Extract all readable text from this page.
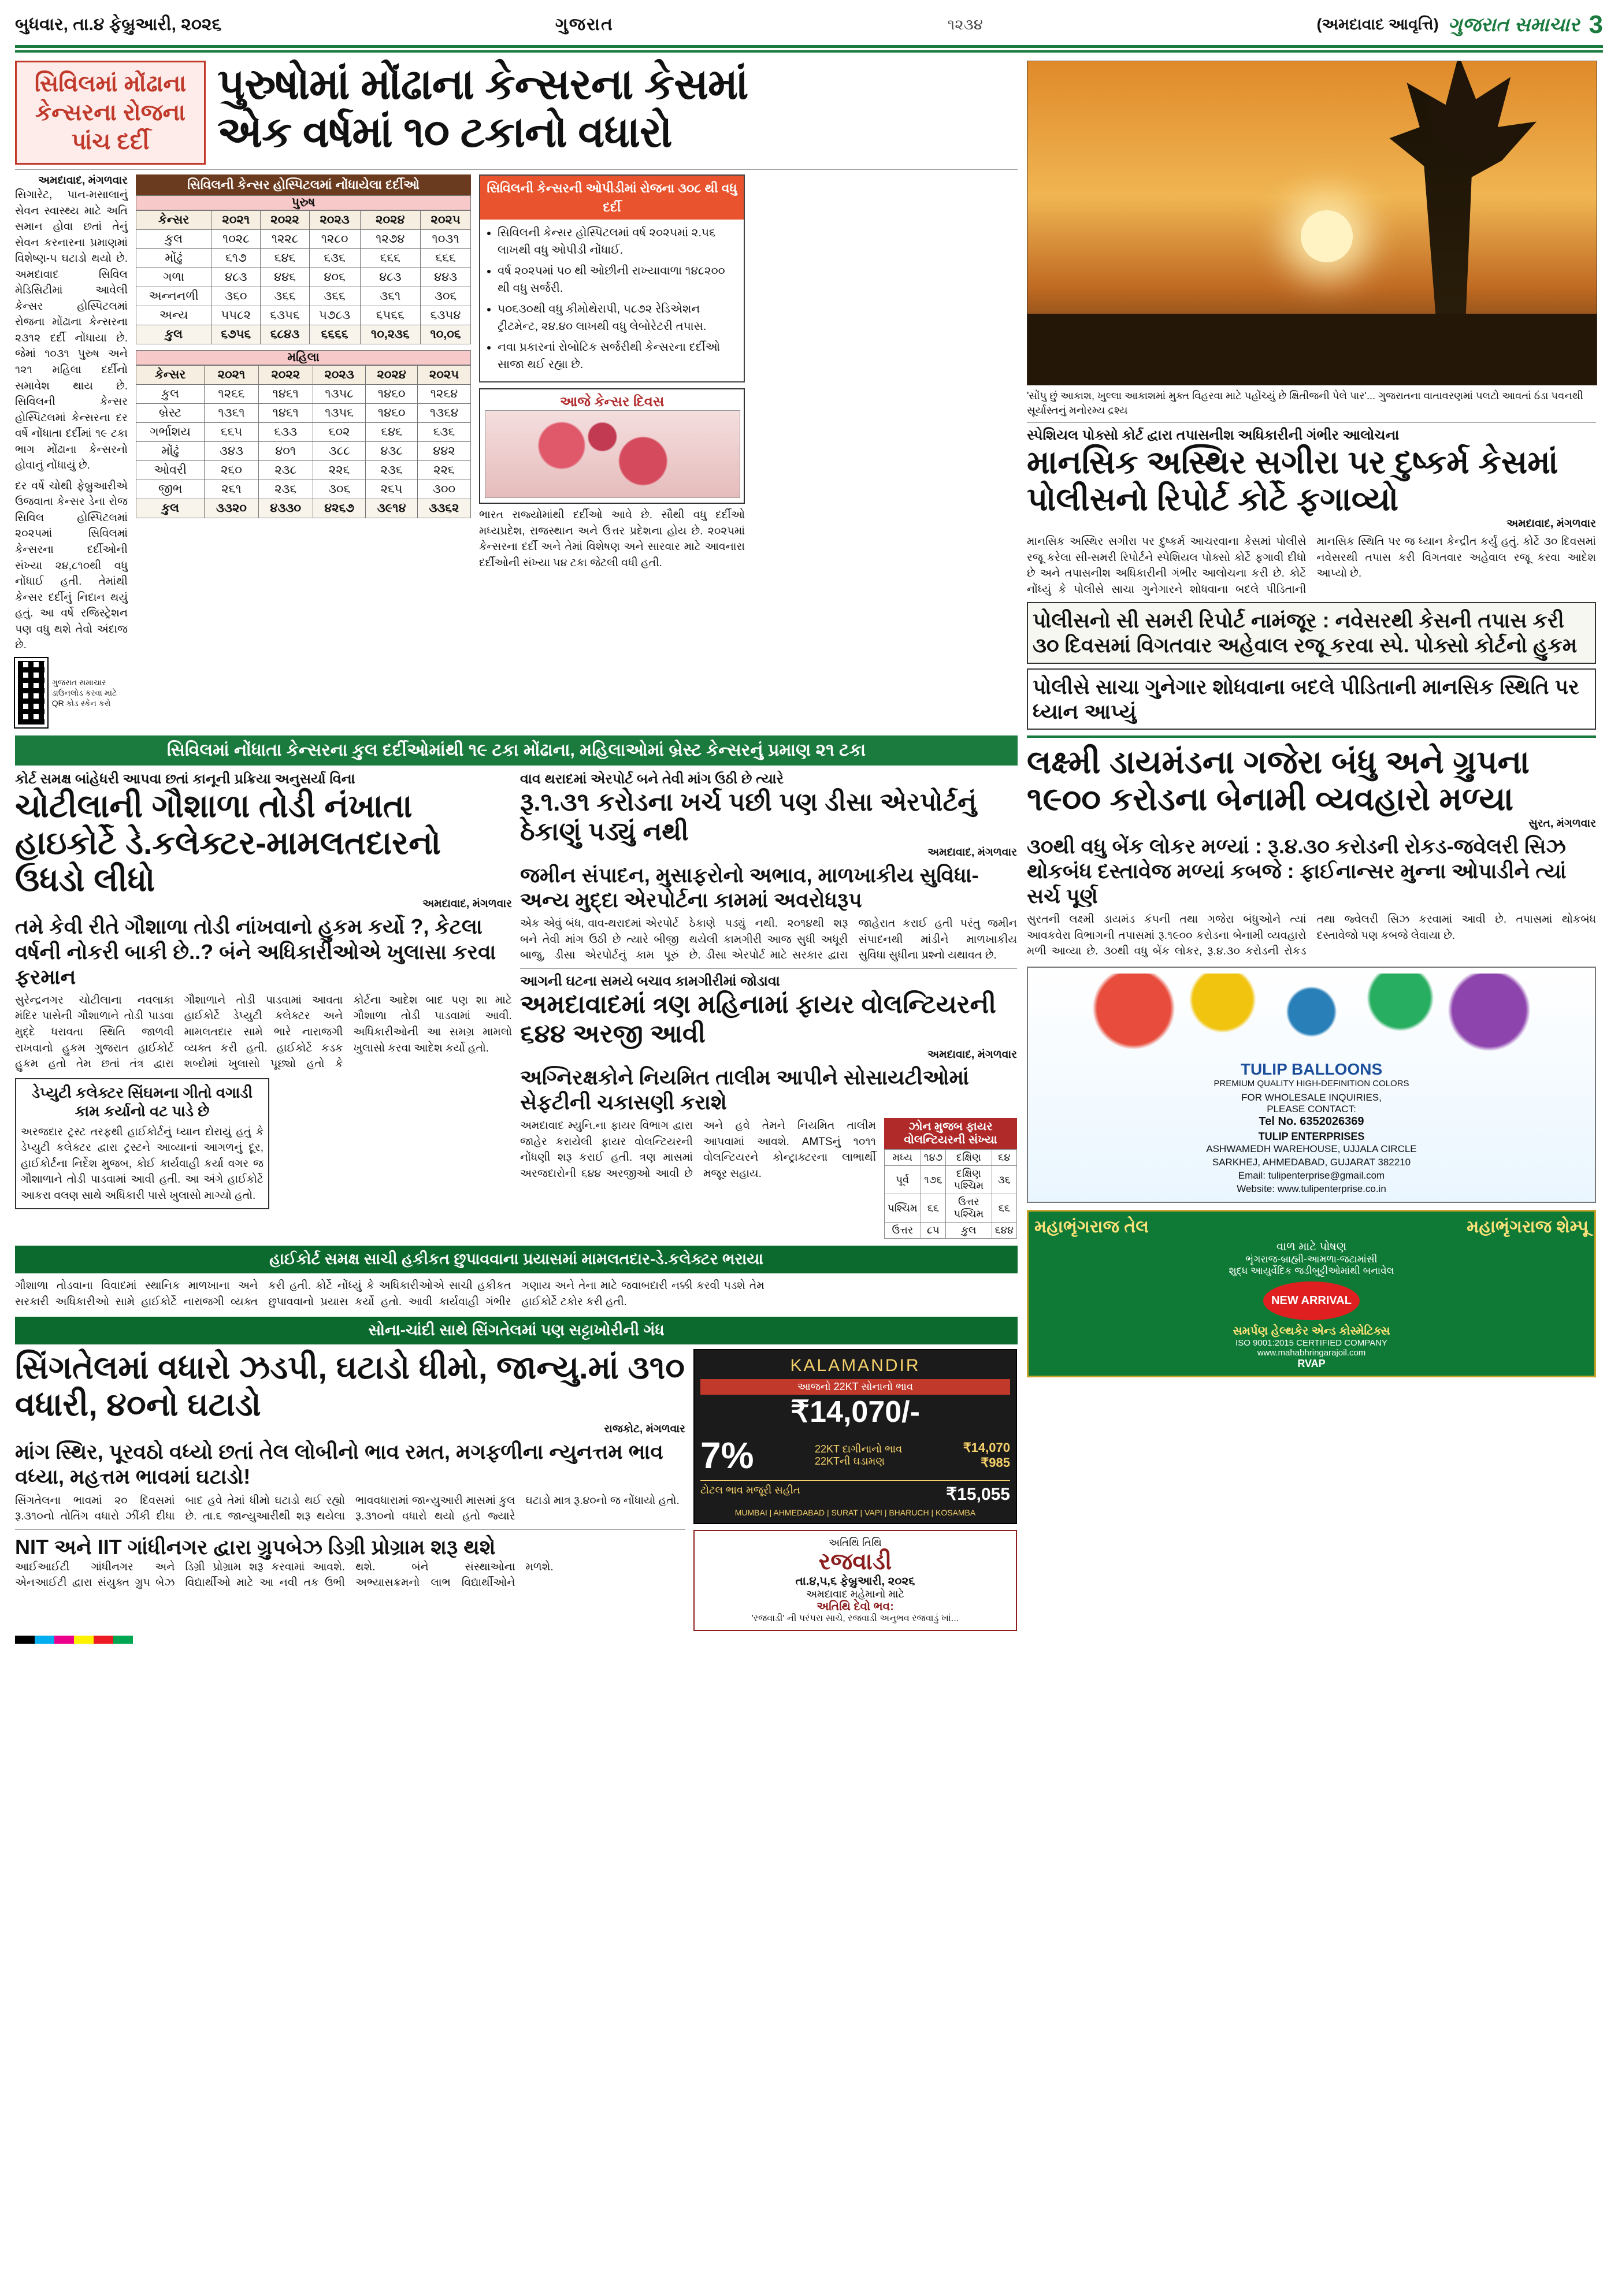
બુધવાર, તા.૪ ફેબ્રુઆરી, ૨૦૨૬	ગુજરાત	૧૨૩૪	(અમદાવાદ આવૃત્તિ) ગુજરાત સમાચાર 3
સિવિલમાં મોંઢાના કેન્સરના રોજના પાંચ દર્દી
પુરુષોમાં મોંઢાના કેન્સરના કેસમાં
એક વર્ષમાં ૧૦ ટકાનો વધારો
અમદાવાદ, મંગળવાર
સિગારેટ, પાન-મસાલાનું સેવન સ્વાસ્થ્ય માટે અતિ સમાન હોવા છતાં તેનું સેવન કરનારના પ્રમાણમાં વિશેષ્ણ-૫ ઘટાડો થયો છે. અમદાવાદ સિવિલ મેડિસિટીમાં આવેલી કેન્સર હોસ્પિટલમાં રોજના મોંઢાના કેન્સરના ૨૩૧૨ દર્દી નોંધાયા છે. જેમાં ૧૦૩૧ પુરુષ અને ૧૨૧ મહિલા દર્દીનો સમાવેશ થાય છે. સિવિલની કેન્સર હોસ્પિટલમાં કેન્સરના દર વર્ષે નોંધાતા દર્દીમાં ૧૯ ટકા ભાગ મોંઢાના કેન્સરનો હોવાનું નોંધાયું છે.
દર વર્ષે ચોથી ફેબ્રુઆરીએ ઉજવાતા કેન્સર ડેના રોજ સિવિલ હોસ્પિટલમાં ૨૦૨૫માં સિવિલમાં કેન્સરના દર્દીઓની સંખ્યા ૨૪,૮૧૦થી વધુ નોંધાઈ હતી. તેમાંથી કેન્સર દર્દીનું નિદાન થયું હતું. આ વર્ષે રજિસ્ટ્રેશન પણ વધુ થશે તેવો અંદાજ છે.
ગુજરાત સમાચાર ડાઉનલોડ કરવા માટે QR કોડ સ્કેન કરો
સિવિલની કેન્સર હોસ્પિટલમાં નોંધાયેલા દર્દીઓ
પુરુષ
કેન્સર	૨૦૨૧	૨૦૨૨	૨૦૨૩	૨૦૨૪	૨૦૨૫
કુલ	૧૦૨૮	૧૨૨૮	૧૨૮૦	૧૨૭૪	૧૦૩૧
મોંઢું	૬૧૭	૬૪૬	૬૩૬	૬૬૬	૬૬૬
ગળા	૪૮૩	૪૪૬	૪૦૬	૪૮૩	૪૪૩
અન્નનળી	૩૬૦	૩૬૬	૩૬૬	૩૬૧	૩૦૬
અન્ય	૫૫૮૨	૬૩૫૬	૫૭૮૩	૬૫૬૬	૬૩૫૪
કુલ	૬૭૫૬	૬૮૪૩	૬૬૬૬	૧૦,૨૩૬	૧૦,૦૬
મહિલા
કેન્સર	૨૦૨૧	૨૦૨૨	૨૦૨૩	૨૦૨૪	૨૦૨૫
કુલ	૧૨૬૬	૧૪૬૧	૧૩૫૮	૧૪૬૦	૧૨૬૪
બ્રેસ્ટ	૧૩૬૧	૧૪૬૧	૧૩૫૬	૧૪૬૦	૧૩૬૪
ગર્ભાશય	૬૬૫	૬૩૩	૬૦૨	૬૪૬	૬૩૬
મોંઢું	૩૪૩	૪૦૧	૩૮૮	૪૩૮	૪૪૨
ઓવરી	૨૬૦	૨૩૮	૨૨૬	૨૩૬	૨૨૬
જીભ	૨૬૧	૨૩૬	૩૦૬	૨૬૫	૩૦૦
કુલ	૩૩૨૦	૪૩૩૦	૪૨૬૭	૩૯૧૪	૩૩૬૨
સિવિલની કેન્સરની ઓપીડીમાં રોજના ૩૦૮ થી વધુ દર્દી
• સિવિલની કેન્સર હોસ્પિટલમાં વર્ષ ૨૦૨૫માં ૨.૫૬ લાખથી વધુ ઓપીડી નોંધાઈ.
• વર્ષ ૨૦૨૫માં ૫૦ થી ઓછીની રાખ્યાવાળા ૧૪૮૨૦૦ થી વધુ સર્જરી.
• ૫૦૬૩૦થી વધુ કીમોથેરાપી, ૫૮૭૨ રેડિએશન ટ્રીટમેન્ટ, ૨૪.૪૦ લાખથી વધુ લેબોરેટરી તપાસ.
• નવા પ્રકારનાં રોબોટિક સર્જરીથી કેન્સરના દર્દીઓ સાજા થઈ રહ્યા છે.
આજે કેન્સર દિવસ
ભારત રાજ્યોમાંથી દર્દીઓ આવે છે. સૌથી વધુ દર્દીઓ મધ્યપ્રદેશ, રાજસ્થાન અને ઉત્તર પ્રદેશના હોય છે. ૨૦૨૫માં કેન્સરના દર્દી અને તેમાં વિશેષણ અને સારવાર માટે આવનારા દર્દીઓની સંખ્યા ૫૪ ટકા જેટલી વધી હતી.
સિવિલમાં નોંધાતા કેન્સરના કુલ દર્દીઓમાંથી ૧૯ ટકા મોંઢાના, મહિલાઓમાં બ્રેસ્ટ કેન્સરનું પ્રમાણ ૨૧ ટકા
કોર્ટ સમક્ષ બાંહેધરી આપવા છતાં કાનૂની પ્રક્રિયા અનુસર્યા વિના
ચોટીલાની ગૌશાળા તોડી નંખાતા હાઇકોર્ટે ડે.કલેક્ટર-મામલતદારનો ઉધડો લીધો
અમદાવાદ, મંગળવાર
તમે કેવી રીતે ગૌશાળા તોડી નાંખવાનો હુકમ કર્યો ?, કેટલા વર્ષની નોકરી બાકી છે..? બંને અધિકારીઓએ ખુલાસા કરવા ફરમાન
સુરેન્દ્રનગર ચોટીલાના નવલાકા મંદિર પાસેની ગૌશાળાને તોડી પાડવા મુદ્દે ધરાવતા સ્થિતિ જાળવી રાખવાનો હુકમ ગુજરાત હાઈકોર્ટ હુકમ હતો તેમ છતાં તંત્ર દ્વારા ગૌશાળાને તોડી પાડવામાં આવતા હાઈકોર્ટે ડેપ્યુટી કલેક્ટર અને મામલતદાર સામે ભારે નારાજગી વ્યક્ત કરી હતી. હાઈકોર્ટે કડક શબ્દોમાં ખુલાસો પૂછ્યો હતો કે કોર્ટના આદેશ બાદ પણ શા માટે ગૌશાળા તોડી પાડવામાં આવી. અધિકારીઓની આ સમગ્ર મામલો ખુલાસો કરવા આદેશ કર્યો હતો.
ડેપ્યુટી કલેક્ટર સિંઘમના ગીતો વગાડી કામ કર્યાનો વટ પાડે છે
અરજદાર ટ્રસ્ટ તરફથી હાઈકોર્ટનું ધ્યાન દોરાયું હતું કે ડેપ્યુટી કલેક્ટર દ્વારા ટ્રસ્ટને આવ્યાનાં આગળનું દૂર, હાઈકોર્ટના નિર્દેશ મુજબ, કોઈ કાર્યવાહી કર્યા વગર જ ગૌશાળાને તોડી પાડવામાં આવી હતી. આ અંગે હાઈકોર્ટે આકરા વલણ સાથે અધિકારી પાસે ખુલાસો માગ્યો હતો.
વાવ થરાદમાં એરપોર્ટ બને તેવી માંગ ઉઠી છે ત્યારે
રૂ.૧.૩૧ કરોડના ખર્ચ પછી પણ ડીસા એરપોર્ટનું ઠેકાણું પડ્યું નથી
અમદાવાદ, મંગળવાર
જમીન સંપાદન, મુસાફરોનો અભાવ, માળખાકીય સુવિધા-અન્ય મુદ્દા એરપોર્ટના કામમાં અવરોધરૂપ
એક એવું બંધ, વાવ-થરાદમાં એરપોર્ટ બને તેવી માંગ ઉઠી છે ત્યારે બીજી બાજુ, ડીસા એરપોર્ટનું કામ પૂરું ઠેકાણે પડ્યું નથી. ૨૦૧૪થી શરૂ થયેલી કામગીરી આજ સુધી અધૂરી છે. ડીસા એરપોર્ટ માટે સરકાર દ્વારા જાહેરાત કરાઈ હતી પરંતુ જમીન સંપાદનથી માંડીને માળખાકીય સુવિધા સુધીના પ્રશ્નો યથાવત છે.
આગની ઘટના સમયે બચાવ કામગીરીમાં જોડાવા
અમદાવાદમાં ત્રણ મહિનામાં ફાયર વોલન્ટિયરની ૬૪૪ અરજી આવી
અમદાવાદ, મંગળવાર
અગ્નિરક્ષકોને નિયમિત તાલીમ આપીને સોસાયટીઓમાં સેફટીની ચકાસણી કરાશે
અમદાવાદ મ્યુનિ.ના ફાયર વિભાગ દ્વારા જાહેર કરાયેલી ફાયર વોલન્ટિયરની નોંધણી શરૂ કરાઈ હતી. ત્રણ માસમાં અરજદારોની ૬૪૪ અરજીઓ આવી છે અને હવે તેમને નિયમિત તાલીમ આપવામાં આવશે. AMTSનું ૧૦૧૧ વોલન્ટિયરને કોન્ટ્રાક્ટરના લાભાર્થી મજૂર સહાય.
ઝોન મુજબ ફાયર વોલન્ટિયરની સંખ્યા
મધ્ય	૧૪૭	દક્ષિણ	૬૪
પૂર્વ	૧૭૬	દક્ષિણ પશ્ચિમ	૩૬
પશ્ચિમ	૬૬	ઉત્તર પશ્ચિમ	૬૬
ઉત્તર	૮૫	કુલ	૬૪૪
હાઈકોર્ટ સમક્ષ સાચી હકીકત છુપાવવાના પ્રયાસમાં મામલતદાર-ડે.કલેક્ટર ભરાયા
ગૌશાળા તોડવાના વિવાદમાં સ્થાનિક માળખાના અને સરકારી અધિકારીઓ સામે હાઈકોર્ટે નારાજગી વ્યક્ત કરી હતી. કોર્ટે નોંધ્યું કે અધિકારીઓએ સાચી હકીકત છુપાવવાનો પ્રયાસ કર્યો હતો. આવી કાર્યવાહી ગંભીર ગણાય અને તેના માટે જવાબદારી નક્કી કરવી પડશે તેમ હાઈકોર્ટે ટકોર કરી હતી.
સોના-ચાંદી સાથે સિંગતેલમાં પણ સટ્ટાખોરીની ગંધ
સિંગતેલમાં વધારો ઝડપી, ઘટાડો ધીમો, જાન્યુ.માં ૩૧૦ વધારી, ૪૦નો ઘટાડો
રાજકોટ, મંગળવાર
માંગ સ્થિર, પૂરવઠો વધ્યો છતાં તેલ લોબીનો ભાવ રમત, મગફળીના ન્યુનત્તમ ભાવ વધ્યા, મહત્તમ ભાવમાં ઘટાડો!
સિંગતેલના ભાવમાં ૨૦ દિવસમાં રૂ.૩૧૦નો તોતિંગ વધારો ઝીંકી દીધા બાદ હવે તેમાં ધીમો ઘટાડો થઈ રહ્યો છે. તા.૬ જાન્યુઆરીથી શરૂ થયેલા ભાવવધારામાં જાન્યુઆરી માસમાં કુલ રૂ.૩૧૦નો વધારો થયો હતો જ્યારે ઘટાડો માત્ર રૂ.૪૦નો જ નોંધાયો હતો.
NIT અને IIT ગાંધીનગર દ્વારા ગ્રુપબેઝ ડિગ્રી પ્રોગ્રામ શરૂ થશે
આઈઆઈટી ગાંધીનગર અને એનઆઈટી દ્વારા સંયુક્ત ગ્રુપ બેઝ ડિગ્રી પ્રોગ્રામ શરૂ કરવામાં આવશે. વિદ્યાર્થીઓ માટે આ નવી તક ઉભી થશે. બંને સંસ્થાઓના અભ્યાસક્રમનો લાભ વિદ્યાર્થીઓને મળશે.
KALAMANDIR
આજનો 22KT સોનાનો ભાવ
₹14,070/-
7%	22KT દાગીનાનો ભાવ
22KTની ઘડામણ
₹14,070
₹985
ટોટલ ભાવ મજૂરી સહીત	₹15,055
MUMBAI | AHMEDABAD | SURAT | VAPI | BHARUCH | KOSAMBA
અતિથિ તિથિ
રજવાડી
તા.૪,૫,૬ ફેબ્રુઆરી, ૨૦૨૬
અમદાવાદ મહેમાનો માટે
અતિથિ દેવો ભવ:
'રજવાડી' ની પરંપરા સાચે, રજવાડી અનુભવ રજવાડું ખાં...
'સોંપુ છું આકાશ, ખુલ્લા આકાશમાં મુક્ત વિહરવા માટે પહોંચ્યું છે ક્ષિતીજની પેલે પાર'... ગુજરાતના વાતાવરણમાં પલટો આવતાં ઠંડા પવનથી સૂર્યાસ્તનું મનોરમ્ય દ્રશ્ય
સ્પેશિયલ પોક્સો કોર્ટ દ્વારા તપાસનીશ અધિકારીની ગંભીર આલોચના
માનસિક અસ્થિર સગીરા પર દુષ્કર્મ કેસમાં પોલીસનો રિપોર્ટ કોર્ટે ફગાવ્યો
અમદાવાદ, મંગળવાર
માનસિક અસ્થિર સગીરા પર દુષ્કર્મ આચરવાના કેસમાં પોલીસે રજૂ કરેલા સી-સમરી રિપોર્ટને સ્પેશિયલ પોક્સો કોર્ટે ફગાવી દીધો છે અને તપાસનીશ અધિકારીની ગંભીર આલોચના કરી છે. કોર્ટે નોંધ્યું કે પોલીસે સાચા ગુનેગારને શોધવાના બદલે પીડિતાની માનસિક સ્થિતિ પર જ ધ્યાન કેન્દ્રીત કર્યું હતું. કોર્ટે ૩૦ દિવસમાં નવેસરથી તપાસ કરી વિગતવાર અહેવાલ રજૂ કરવા આદેશ આપ્યો છે.
પોલીસનો સી સમરી રિપોર્ટ નામંજૂર : નવેસરથી કેસની તપાસ કરી ૩૦ દિવસમાં વિગતવાર અહેવાલ રજૂ કરવા સ્પે. પોક્સો કોર્ટનો હુકમ
પોલીસે સાચા ગુનેગાર શોધવાના બદલે પીડિતાની માનસિક સ્થિતિ પર ધ્યાન આપ્યું
લક્ષ્મી ડાયમંડના ગજેરા બંધુ અને ગ્રુપના ૧૯૦૦ કરોડના બેનામી વ્યવહારો મળ્યા
સુરત, મંગળવાર
૩૦થી વધુ બેંક લોકર મળ્યાં : રૂ.૪.૩૦ કરોડની રોકડ-જવેલરી સિઝ થોકબંધ દસ્તાવેજ મળ્યાં કબજે : ફાઈનાન્સર મુન્ના ઓપાડીને ત્યાં સર્ચ પૂર્ણ
સુરતની લક્ષ્મી ડાયમંડ કંપની તથા ગજેરા બંધુઓને ત્યાં આવકવેરા વિભાગની તપાસમાં રૂ.૧૯૦૦ કરોડના બેનામી વ્યવહારો મળી આવ્યા છે. ૩૦થી વધુ બેંક લોકર, રૂ.૪.૩૦ કરોડની રોકડ તથા જ્વેલરી સિઝ કરવામાં આવી છે. તપાસમાં થોકબંધ દસ્તાવેજો પણ કબજે લેવાયા છે.
TULIP BALLOONS
PREMIUM QUALITY HIGH-DEFINITION COLORS
FOR WHOLESALE INQUIRIES,
PLEASE CONTACT:
Tel No. 6352026369
TULIP ENTERPRISES
ASHWAMEDH WAREHOUSE, UJJALA CIRCLE
SARKHEJ, AHMEDABAD, GUJARAT 382210
Email: tulipenterprise@gmail.com
Website: www.tulipenterprise.co.in
મહાભૃંગરાજ તેલ	મહાભૃંગરાજ શેમ્પૂ
વાળ માટે પોષણ
ભૃંગરાજ-બ્રાહ્મી-આમળા-જટામાંસી
શુદ્ધ આયુર્વેદિક જડીબુટ્ટીઓમાંથી બનાવેલ
NEW ARRIVAL
સમર્પણ હેલ્થકેર એન્ડ કોસ્મેટિક્સ
ISO 9001:2015 CERTIFIED COMPANY
www.mahabhringarajoil.com
RVAP
